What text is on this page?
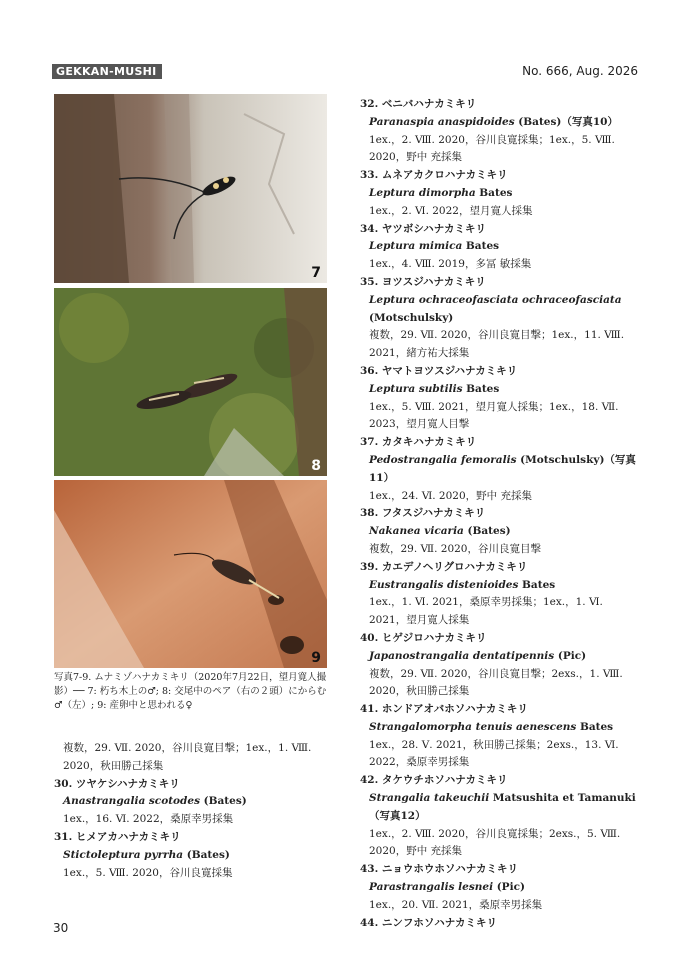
GEKKAN-MUSHI	No. 666, Aug. 2026
7
8
9
写真7-9. ムナミゾハナカミキリ（2020年7月22日，望月寛人撮影）── 7: 朽ち木上の♂; 8: 交尾中のペア（右の２頭）にからむ♂（左）; 9: 産卵中と思われる♀

複数，29. Ⅶ. 2020，谷川良寛目撃；1ex.，1. Ⅷ. 2020，秋田勝己採集

30. ツヤケシハナカミキリ

Anastrangalia scotodes (Bates)

1ex.，16. Ⅵ. 2022，桑原幸男採集

31. ヒメアカハナカミキリ

Stictoleptura pyrrha (Bates)

1ex.，5. Ⅷ. 2020，谷川良寛採集

32. ベニバハナカミキリ

Paranaspia anaspidoides (Bates)（写真10）

1ex.，2. Ⅷ. 2020，谷川良寛採集；1ex.，5. Ⅷ. 2020，野中 充採集

33. ムネアカクロハナカミキリ

Leptura dimorpha Bates

1ex.，2. Ⅵ. 2022，望月寛人採集

34. ヤツボシハナカミキリ

Leptura mimica Bates

1ex.，4. Ⅷ. 2019，多冨 敏採集

35. ヨツスジハナカミキリ

Leptura ochraceofasciata ochraceofasciata (Motschulsky)

複数，29. Ⅶ. 2020，谷川良寛目撃；1ex.，11. Ⅷ. 2021，緒方祐大採集

36. ヤマトヨツスジハナカミキリ

Leptura subtilis Bates

1ex.，5. Ⅷ. 2021，望月寛人採集；1ex.，18. Ⅶ. 2023，望月寛人目撃

37. カタキハナカミキリ

Pedostrangalia femoralis (Motschulsky)（写真11）

1ex.，24. Ⅵ. 2020，野中 充採集

38. フタスジハナカミキリ

Nakanea vicaria (Bates)

複数，29. Ⅶ. 2020，谷川良寛目撃

39. カエデノヘリグロハナカミキリ

Eustrangalis distenioides Bates

1ex.，1. Ⅵ. 2021，桑原幸男採集；1ex.，1. Ⅵ. 2021，望月寛人採集

40. ヒゲジロハナカミキリ

Japanostrangalia dentatipennis (Pic)

複数，29. Ⅶ. 2020，谷川良寛目撃；2exs.，1. Ⅷ. 2020，秋田勝己採集

41. ホンドアオバホソハナカミキリ

Strangalomorpha tenuis aenescens Bates

1ex.，28. Ⅴ. 2021，秋田勝己採集；2exs.，13. Ⅵ. 2022，桑原幸男採集

42. タケウチホソハナカミキリ

Strangalia takeuchii Matsushita et Tamanuki（写真12）

1ex.，2. Ⅷ. 2020，谷川良寛採集；2exs.，5. Ⅷ. 2020，野中 充採集

43. ニョウホウホソハナカミキリ

Parastrangalis lesnei (Pic)

1ex.，20. Ⅶ. 2021，桑原幸男採集

44. ニンフホソハナカミキリ

30
